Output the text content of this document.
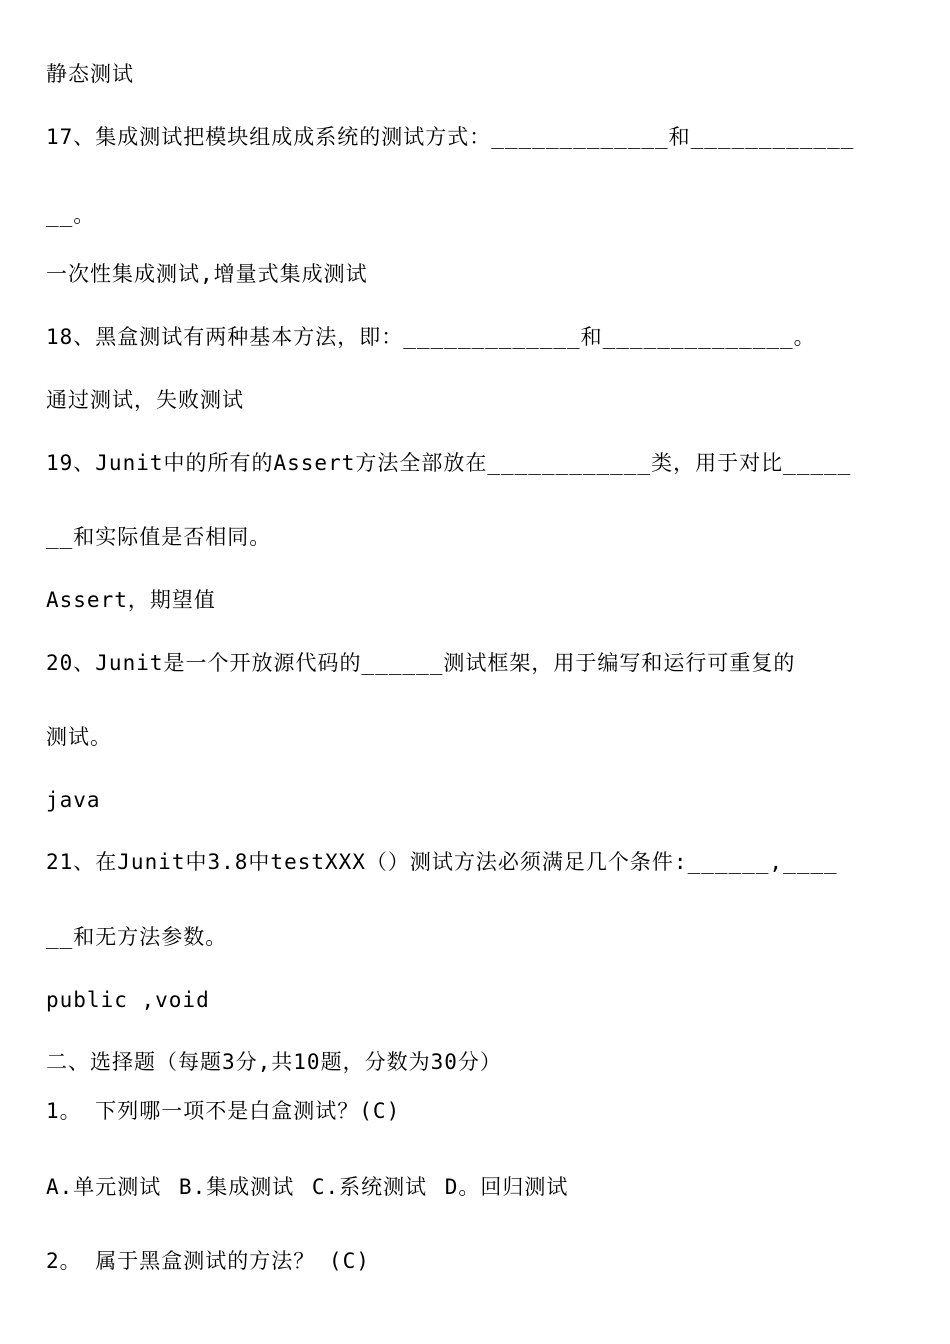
静态测试
17、集成测试把模块组成成系统的测试方式：_____________和____________
__。
一次性集成测试,增量式集成测试
18、黑盒测试有两种基本方法，即：_____________和______________。
通过测试，失败测试
19、Junit中的所有的Assert方法全部放在____________类，用于对比_____
__和实际值是否相同。
Assert，期望值
20、Junit是一个开放源代码的______测试框架，用于编写和运行可重复的
测试。
java
21、在Junit中3.8中testXXX（）测试方法必须满足几个条件:______,____
__和无方法参数。
public ,void
二、选择题（每题3分,共10题，分数为30分）
1。 下列哪一项不是白盒测试？(C)
A.单元测试 B.集成测试 C.系统测试 D。回归测试
2。 属于黑盒测试的方法？ (C)
